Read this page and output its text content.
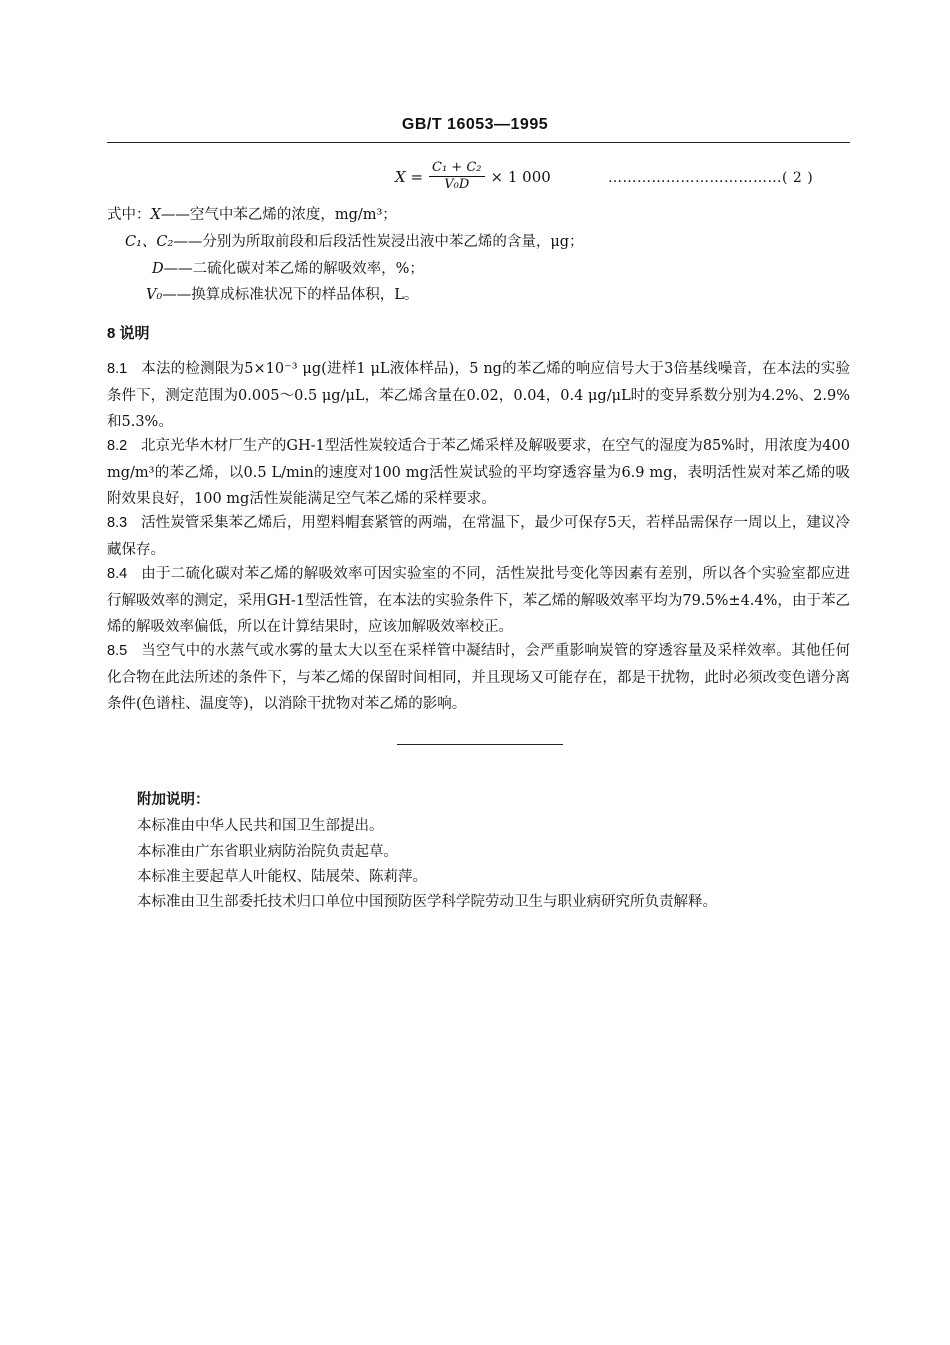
GB/T 16053—1995
$X = \frac{\text{C₁ + C₂}}{\text{V₀D}} \times 1$ 000	………………………………( 2 )
式中：X——空气中苯乙烯的浓度，mg/m³；
C₁、C₂——分别为所取前段和后段活性炭浸出液中苯乙烯的含量，μg；
D——二硫化碳对苯乙烯的解吸效率，%；
V₀——换算成标准状况下的样品体积，L。
8 说明
8.1 本法的检测限为5×10⁻³ μg(进样1 μL液体样品)，5 ng的苯乙烯的响应信号大于3倍基线噪音，在本法的实验条件下，测定范围为0.005～0.5 μg/μL，苯乙烯含量在0.02，0.04，0.4 μg/μL时的变异系数分别为4.2%、2.9%和5.3%。
8.2 北京光华木材厂生产的GH-1型活性炭较适合于苯乙烯采样及解吸要求，在空气的湿度为85%时，用浓度为400 mg/m³的苯乙烯，以0.5 L/min的速度对100 mg活性炭试验的平均穿透容量为6.9 mg，表明活性炭对苯乙烯的吸附效果良好，100 mg活性炭能满足空气苯乙烯的采样要求。
8.3 活性炭管采集苯乙烯后，用塑料帽套紧管的两端，在常温下，最少可保存5天，若样品需保存一周以上，建议冷藏保存。
8.4 由于二硫化碳对苯乙烯的解吸效率可因实验室的不同，活性炭批号变化等因素有差别，所以各个实验室都应进行解吸效率的测定，采用GH-1型活性管，在本法的实验条件下，苯乙烯的解吸效率平均为79.5%±4.4%，由于苯乙烯的解吸效率偏低，所以在计算结果时，应该加解吸效率校正。
8.5 当空气中的水蒸气或水雾的量太大以至在采样管中凝结时，会严重影响炭管的穿透容量及采样效率。其他任何化合物在此法所述的条件下，与苯乙烯的保留时间相同，并且现场又可能存在，都是干扰物，此时必须改变色谱分离条件(色谱柱、温度等)，以消除干扰物对苯乙烯的影响。
附加说明：
本标准由中华人民共和国卫生部提出。
本标准由广东省职业病防治院负责起草。
本标准主要起草人叶能权、陆展荣、陈莉萍。
本标准由卫生部委托技术归口单位中国预防医学科学院劳动卫生与职业病研究所负责解释。
